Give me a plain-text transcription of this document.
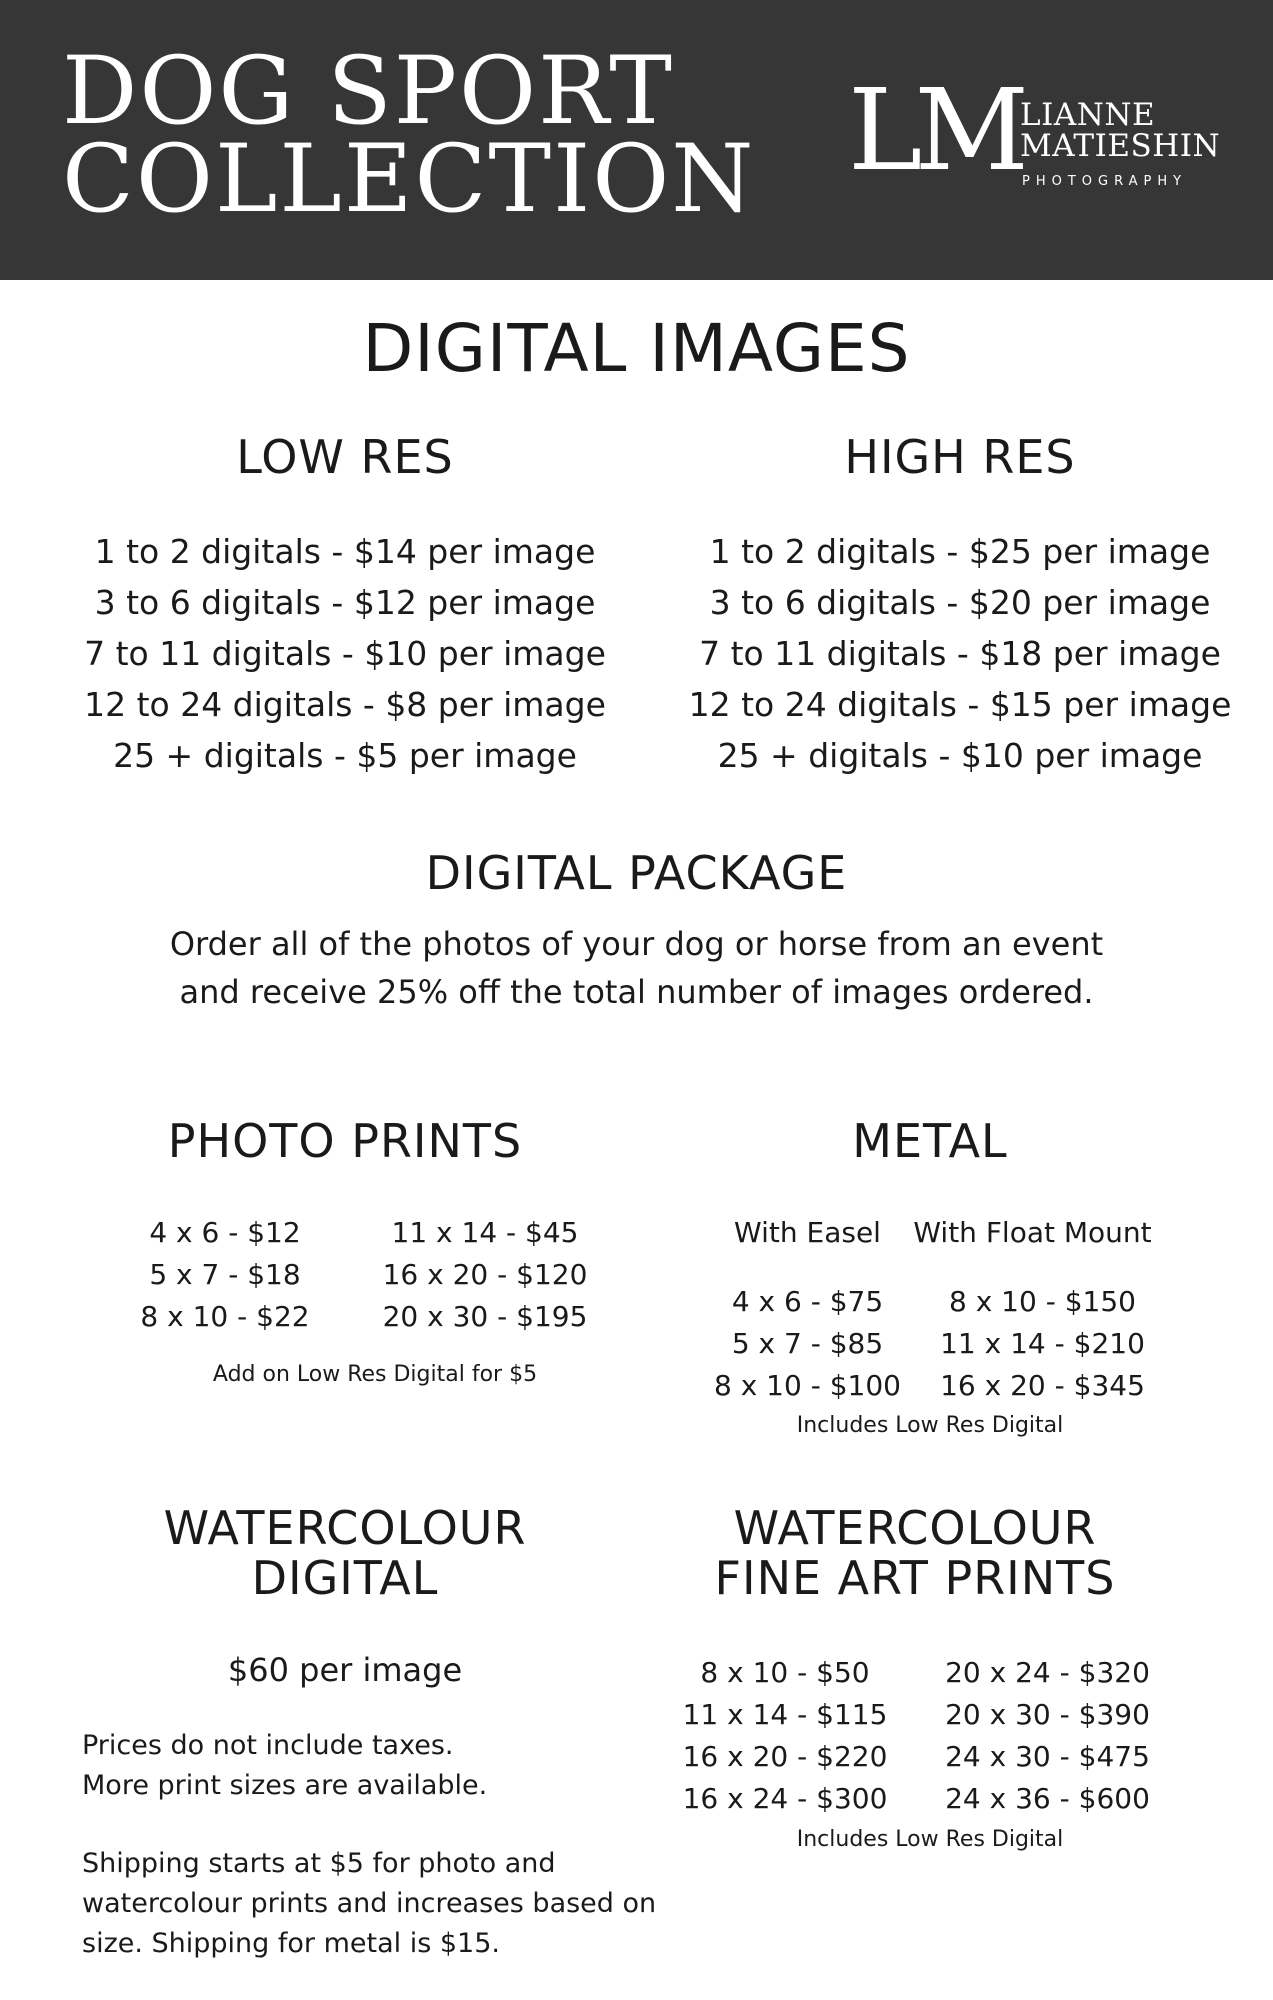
DOG SPORT
COLLECTION LM
LIANNE
MATIESHIN
PHOTOGRAPHY
DIGITAL IMAGES
LOW RES
1 to 2 digitals - $14 per image
3 to 6 digitals - $12 per image
7 to 11 digitals - $10 per image
12 to 24 digitals - $8 per image
25 + digitals - $5 per image
HIGH RES
1 to 2 digitals - $25 per image
3 to 6 digitals - $20 per image
7 to 11 digitals - $18 per image
12 to 24 digitals - $15 per image
25 + digitals - $10 per image
DIGITAL PACKAGE
Order all of the photos of your dog or horse from an event
and receive 25% off the total number of images ordered.
PHOTO PRINTS
4 x 6 - $12
5 x 7 - $18
8 x 10 - $22
11 x 14 - $45
16 x 20 - $120
20 x 30 - $195
Add on Low Res Digital for $5
METAL
With Easel	With Float Mount
4 x 6 - $75
5 x 7 - $85
8 x 10 - $100
8 x 10 - $150
11 x 14 - $210
16 x 20 - $345
Includes Low Res Digital
WATERCOLOUR
DIGITAL
$60 per image
WATERCOLOUR
FINE ART PRINTS
8 x 10 - $50
11 x 14 - $115
16 x 20 - $220
16 x 24 - $300
20 x 24 - $320
20 x 30 - $390
24 x 30 - $475
24 x 36 - $600
Includes Low Res Digital
Prices do not include taxes.
More print sizes are available.
Shipping starts at $5 for photo and
watercolour prints and increases based on
size. Shipping for metal is $15.
